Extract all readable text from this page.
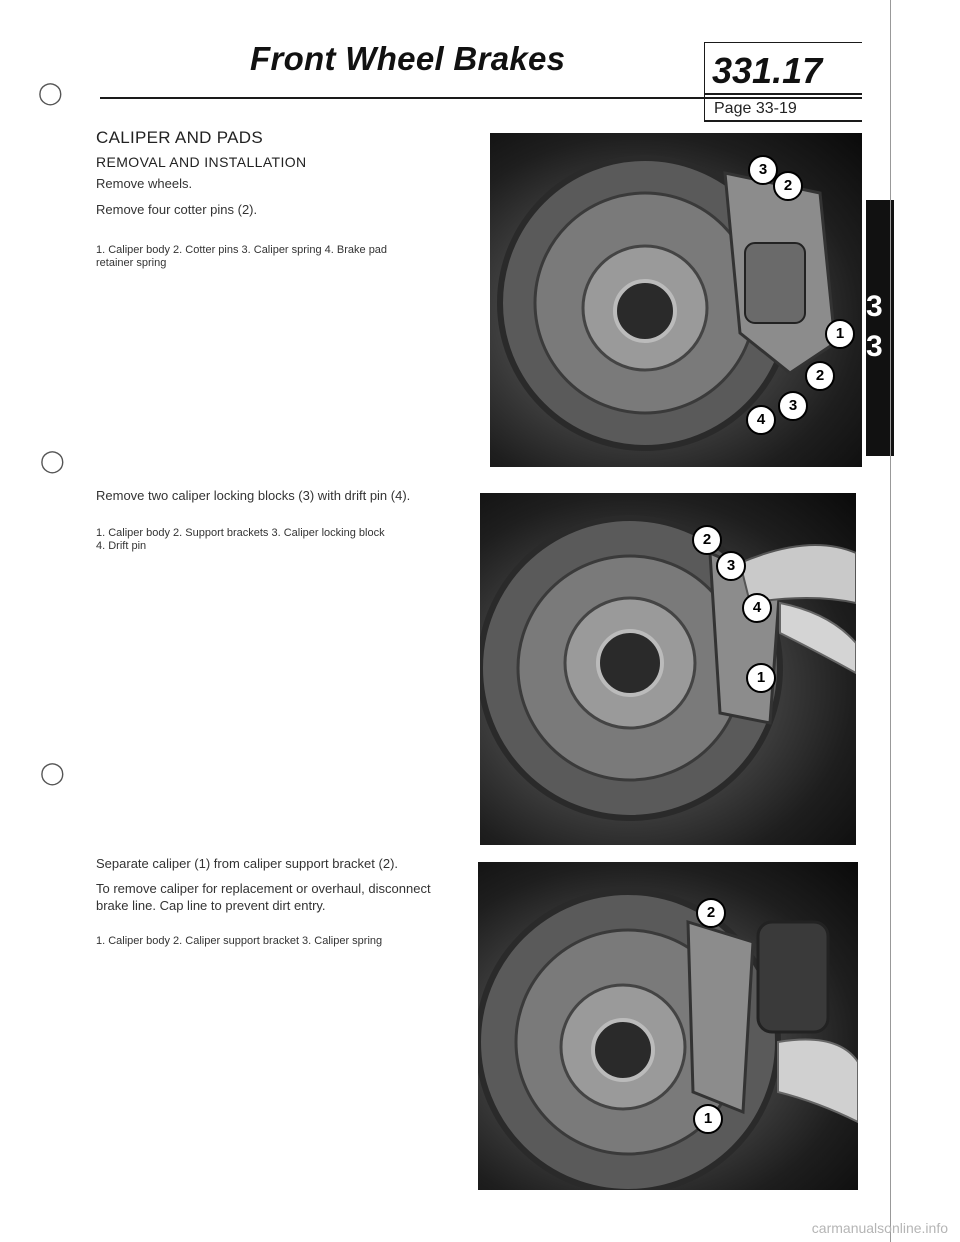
Front Wheel Brakes	331.17
Page 33-19
◯
◯
◯
CALIPER AND PADS
REMOVAL AND INSTALLATION
Remove wheels.
Remove four cotter pins (2).
1. Caliper body 2. Cotter pins 3. Caliper spring 4. Brake pad
retainer spring
Remove two caliper locking blocks (3) with drift pin (4).
1. Caliper body 2. Support brackets 3. Caliper locking block
4. Drift pin
Separate caliper (1) from caliper support bracket (2).
To remove caliper for replacement or overhaul, disconnect
brake line. Cap line to prevent dirt entry.
1. Caliper body 2. Caliper support bracket 3. Caliper spring
3
2
1
2
3
4
2
3
4
1
2
1
3
3
carmanualsonline.info
